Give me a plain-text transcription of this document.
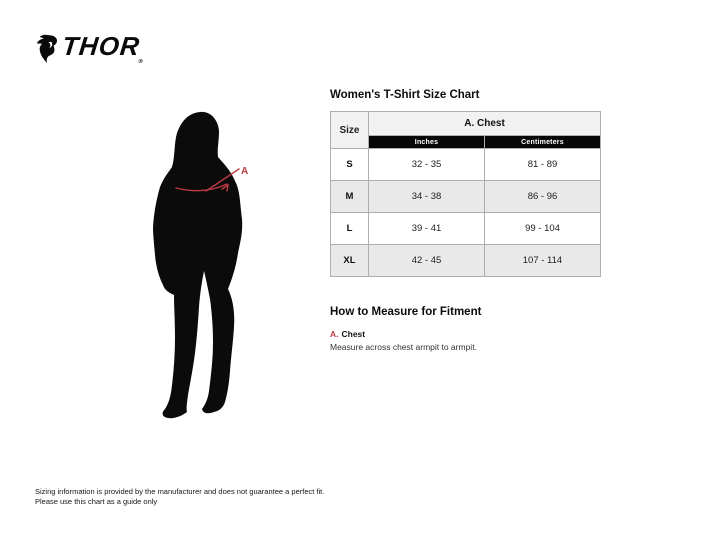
$THOR_®$
A
Women's T-Shirt Size Chart
Size	A. Chest	
	Inches	Centimeters
S	32 - 35	81 - 89
M	34 - 38	86 - 96
L	39 - 41	99 - 104
XL	42 - 45	107 - 114
How to Measure for Fitment

A. Chest

Measure across chest armpit to armpit.

Sizing information is provided by the manufacturer and does not guarantee a perfect fit.
Please use this chart as a guide only
